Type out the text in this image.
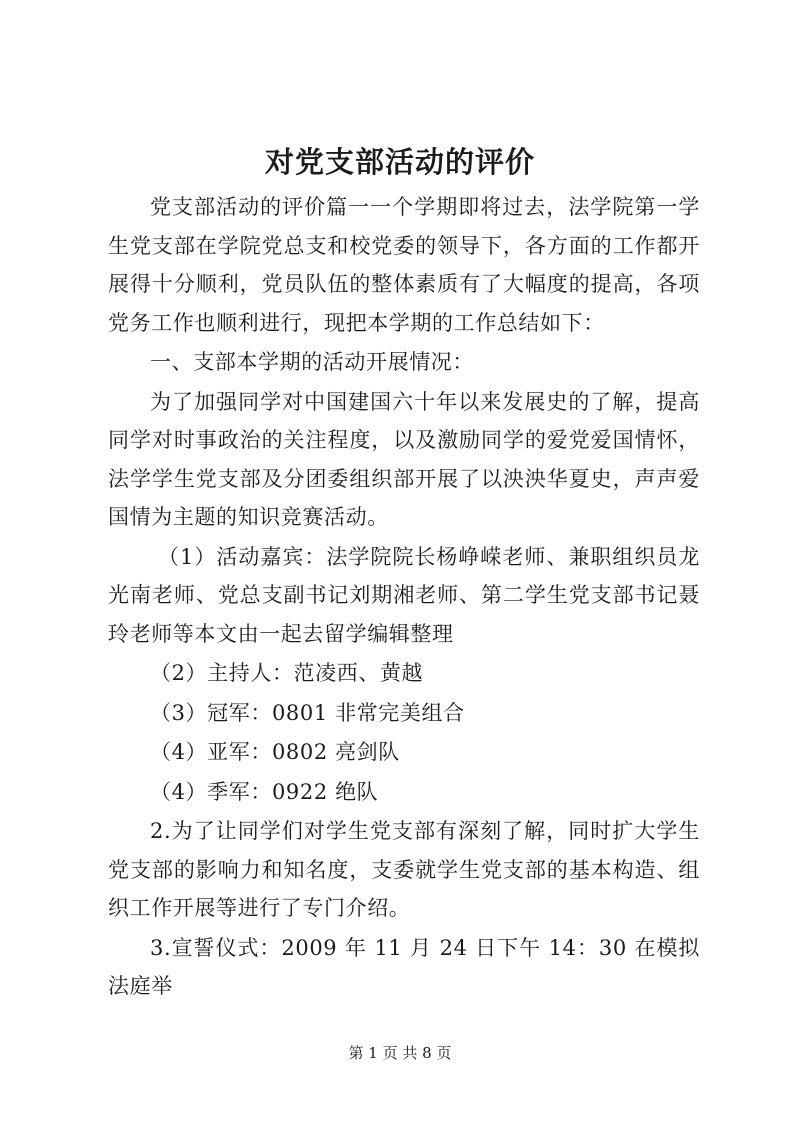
对党支部活动的评价

党支部活动的评价篇一一个学期即将过去，法学院第一学生党支部在学院党总支和校党委的领导下，各方面的工作都开展得十分顺利，党员队伍的整体素质有了大幅度的提高，各项党务工作也顺利进行，现把本学期的工作总结如下：

一、支部本学期的活动开展情况：

为了加强同学对中国建国六十年以来发展史的了解，提高同学对时事政治的关注程度，以及激励同学的爱党爱国情怀，法学学生党支部及分团委组织部开展了以泱泱华夏史，声声爱国情为主题的知识竞赛活动。

（1）活动嘉宾：法学院院长杨峥嵘老师、兼职组织员龙光南老师、党总支副书记刘期湘老师、第二学生党支部书记聂玲老师等本文由一起去留学编辑整理

（2）主持人：范凌西、黄越

（3）冠军：0801 非常完美组合

（4）亚军：0802 亮剑队

（4）季军：0922 绝队

2.为了让同学们对学生党支部有深刻了解，同时扩大学生党支部的影响力和知名度，支委就学生党支部的基本构造、组织工作开展等进行了专门介绍。

3.宣誓仪式：2009 年 11 月 24 日下午 14：30 在模拟法庭举

第 1 页 共 8 页
